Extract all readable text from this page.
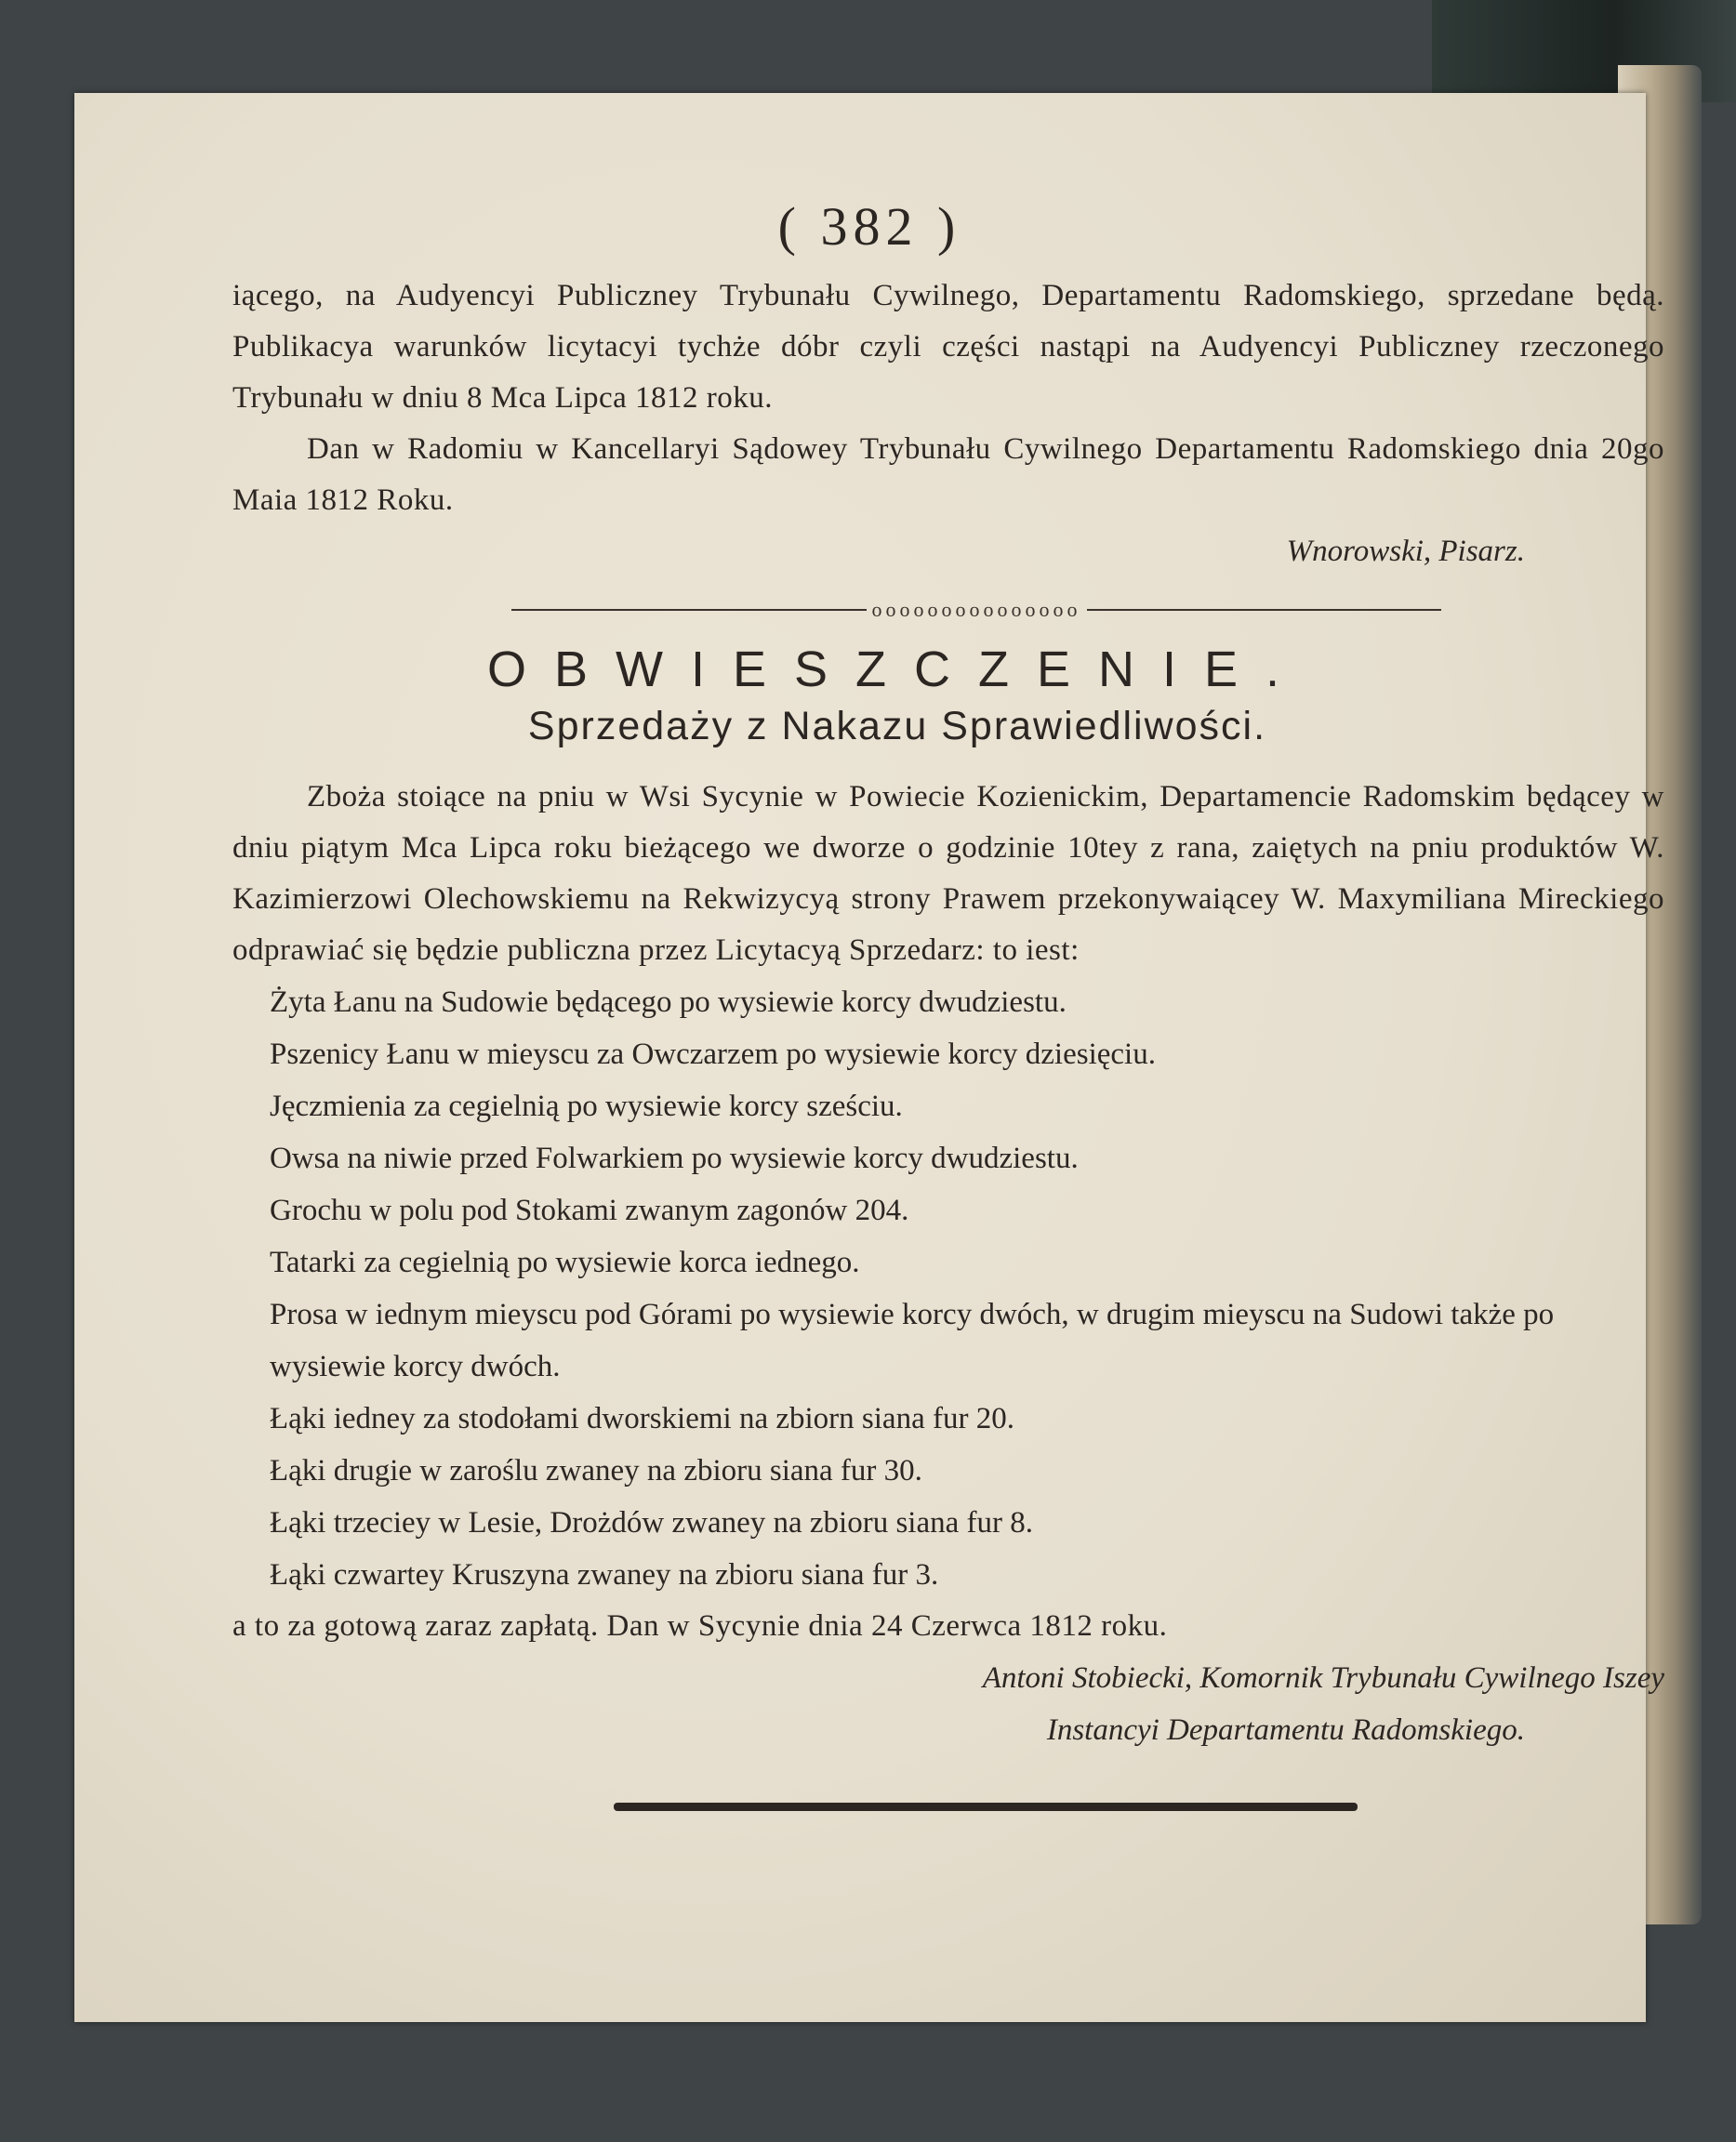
( 382 )

iącego, na Audyencyi Publiczney Trybunału Cywilnego, Departamentu Radomskiego, sprzedane będą. Publikacya warunków licytacyi tychże dóbr czyli części nastąpi na Audyencyi Publiczney rzeczonego Trybunału w dniu 8 Mca Lipca 1812 roku.

Dan w Radomiu w Kancellaryi Sądowey Trybunału Cywilnego Departamentu Radomskiego dnia 20go Maia 1812 Roku.

Wnorowski, Pisarz.
ooooooooooooooo
OBWIESZCZENIE.
Sprzedaży z Nakazu Sprawiedliwości.

Zboża stoiące na pniu w Wsi Sycynie w Powiecie Kozienickim, Departamencie Radomskim będącey w dniu piątym Mca Lipca roku bieżącego we dworze o godzinie 10tey z rana, zaiętych na pniu produktów W. Kazimierzowi Olechowskiemu na Rekwizycyą strony Prawem przekonywaiącey W. Maxymiliana Mireckiego odprawiać się będzie publiczna przez Licytacyą Sprzedarz: to iest:

Żyta Łanu na Sudowie będącego po wysiewie korcy dwudziestu.
Pszenicy Łanu w mieyscu za Owczarzem po wysiewie korcy dziesięciu.
Jęczmienia za cegielnią po wysiewie korcy sześciu.
Owsa na niwie przed Folwarkiem po wysiewie korcy dwudziestu.
Grochu w polu pod Stokami zwanym zagonów 204.
Tatarki za cegielnią po wysiewie korca iednego.
Prosa w iednym mieyscu pod Górami po wysiewie korcy dwóch, w drugim mieyscu na Sudowi także po wysiewie korcy dwóch.
Łąki iedney za stodołami dworskiemi na zbiorn siana fur 20.
Łąki drugie w zaroślu zwaney na zbioru siana fur 30.
Łąki trzeciey w Lesie, Drożdów zwaney na zbioru siana fur 8.
Łąki czwartey Kruszyna zwaney na zbioru siana fur 3.

a to za gotową zaraz zapłatą. Dan w Sycynie dnia 24 Czerwca 1812 roku.

Antoni Stobiecki, Komornik Trybunału Cywilnego Iszey
Instancyi Departamentu Radomskiego.
